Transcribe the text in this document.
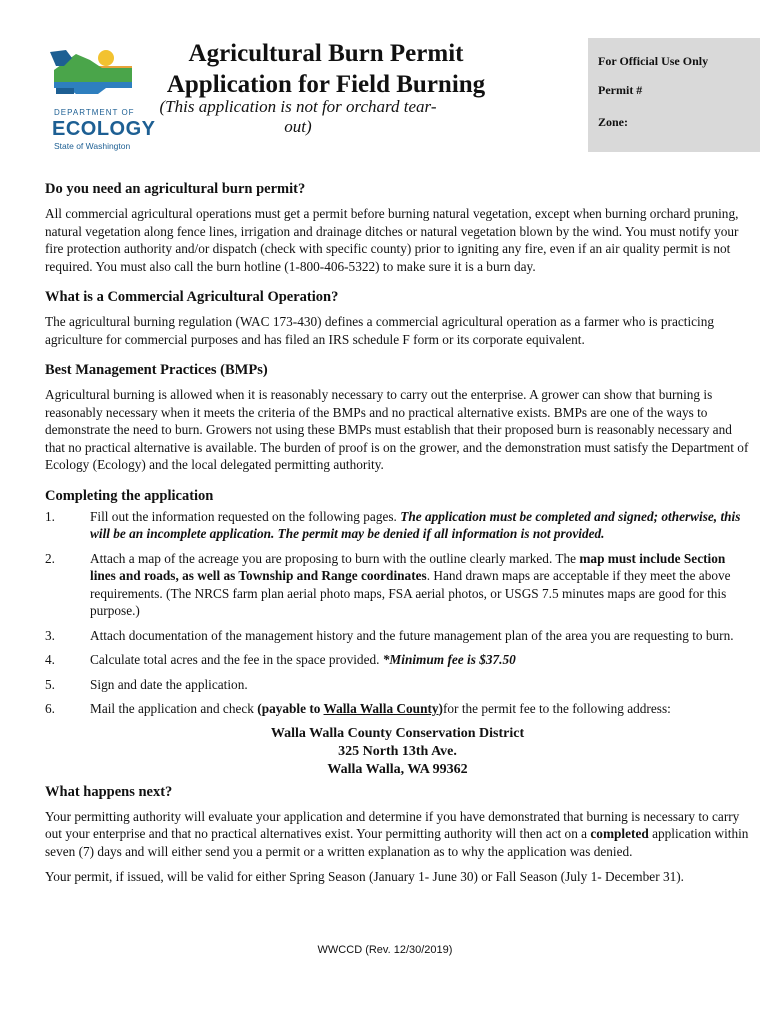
DEPARTMENT OF
ECOLOGY
State of Washington
Agricultural Burn Permit
Application for Field Burning
(This application is not for orchard tear-out)
For Official Use Only
Permit #
Zone:
Do you need an agricultural burn permit?

All commercial agricultural operations must get a permit before burning natural vegetation, except when burning orchard pruning, natural vegetation along fence lines, irrigation and drainage ditches or natural vegetation blown by the wind. You must notify your fire protection authority and/or dispatch (check with specific county) prior to igniting any fire, even if an air quality permit is not required. You must also call the burn hotline (1-800-406-5322) to make sure it is a burn day.

What is a Commercial Agricultural Operation?

The agricultural burning regulation (WAC 173-430) defines a commercial agricultural operation as a farmer who is practicing agriculture for commercial purposes and has filed an IRS schedule F form or its corporate equivalent.

Best Management Practices (BMPs)

Agricultural burning is allowed when it is reasonably necessary to carry out the enterprise. A grower can show that burning is reasonably necessary when it meets the criteria of the BMPs and no practical alternative exists. BMPs are one of the ways to demonstrate the need to burn. Growers not using these BMPs must establish that their proposed burn is reasonably necessary and that no practical alternative is available. The burden of proof is on the grower, and the demonstration must satisfy the Department of Ecology (Ecology) and the local delegated permitting authority.

Completing the application
1.	Fill out the information requested on the following pages. The application must be completed and signed; otherwise, this will be an incomplete application. The permit may be denied if all information is not provided.
2.	Attach a map of the acreage you are proposing to burn with the outline clearly marked. The map must include Section lines and roads, as well as Township and Range coordinates. Hand drawn maps are acceptable if they meet the above requirements. (The NRCS farm plan aerial photo maps, FSA aerial photos, or USGS 7.5 minutes maps are good for this purpose.)
3.	Attach documentation of the management history and the future management plan of the area you are requesting to burn.
4.	Calculate total acres and the fee in the space provided. *Minimum fee is $37.50
5.	Sign and date the application.
6.	Mail the application and check (payable to Walla Walla County)for the permit fee to the following address:
Walla Walla County Conservation District
325 North 13th Ave.
Walla Walla, WA 99362
What happens next?

Your permitting authority will evaluate your application and determine if you have demonstrated that burning is necessary to carry out your enterprise and that no practical alternatives exist. Your permitting authority will then act on a completed application within seven (7) days and will either send you a permit or a written explanation as to why the application was denied.

Your permit, if issued, will be valid for either Spring Season (January 1- June 30) or Fall Season (July 1- December 31).

WWCCD (Rev. 12/30/2019)
